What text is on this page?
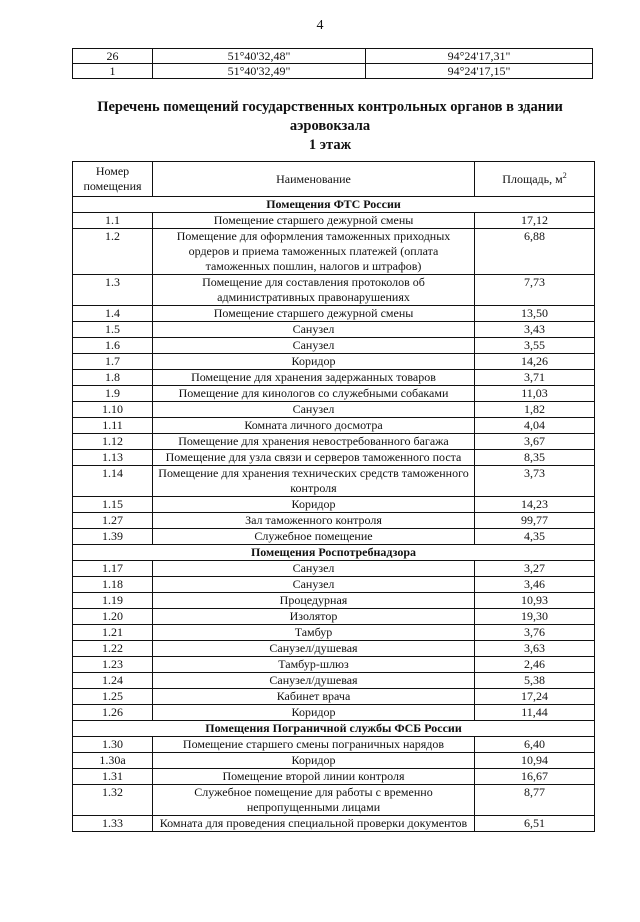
4
26	51°40'32,48"	94°24'17,31"
1	51°40'32,49"	94°24'17,15"
Перечень помещений государственных контрольных органов в здании аэровокзала
1 этаж
Номер помещения	Наименование	Площадь, $м^2$
Помещения ФТС России		
1.1	Помещение старшего дежурной смены	17,12
1.2	Помещение для оформления таможенных приходных ордеров и приема таможенных платежей (оплата таможенных пошлин, налогов и штрафов)	6,88
1.3	Помещение для составления протоколов об административных правонарушениях	7,73
1.4	Помещение старшего дежурной смены	13,50
1.5	Санузел	3,43
1.6	Санузел	3,55
1.7	Коридор	14,26
1.8	Помещение для хранения задержанных товаров	3,71
1.9	Помещение для кинологов со служебными собаками	11,03
1.10	Санузел	1,82
1.11	Комната личного досмотра	4,04
1.12	Помещение для хранения невостребованного багажа	3,67
1.13	Помещение для узла связи и серверов таможенного поста	8,35
1.14	Помещение для хранения технических средств таможенного контроля	3,73
1.15	Коридор	14,23
1.27	Зал таможенного контроля	99,77
1.39	Служебное помещение	4,35
Помещения Роспотребнадзора		
1.17	Санузел	3,27
1.18	Санузел	3,46
1.19	Процедурная	10,93
1.20	Изолятор	19,30
1.21	Тамбур	3,76
1.22	Санузел/душевая	3,63
1.23	Тамбур-шлюз	2,46
1.24	Санузел/душевая	5,38
1.25	Кабинет врача	17,24
1.26	Коридор	11,44
Помещения Пограничной службы ФСБ России		
1.30	Помещение старшего смены пограничных нарядов	6,40
1.30а	Коридор	10,94
1.31	Помещение второй линии контроля	16,67
1.32	Служебное помещение для работы с временно непропущенными лицами	8,77
1.33	Комната для проведения специальной проверки документов	6,51
